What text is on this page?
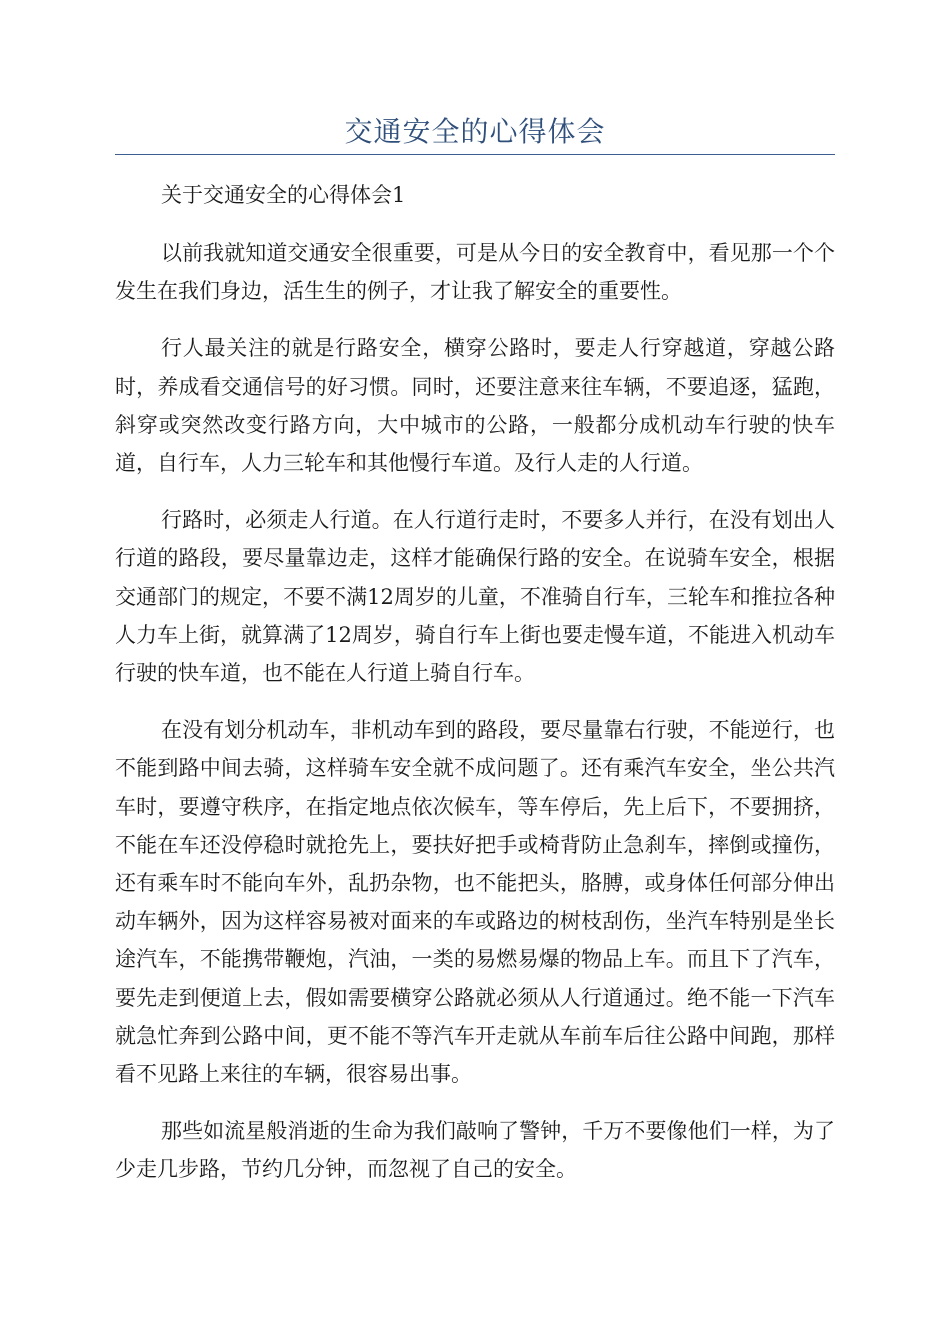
交通安全的心得体会

关于交通安全的心得体会1

以前我就知道交通安全很重要，可是从今日的安全教育中，看见那一个个发生在我们身边，活生生的例子，才让我了解安全的重要性。

行人最关注的就是行路安全，横穿公路时，要走人行穿越道，穿越公路时，养成看交通信号的好习惯。同时，还要注意来往车辆，不要追逐，猛跑，斜穿或突然改变行路方向，大中城市的公路，一般都分成机动车行驶的快车道，自行车，人力三轮车和其他慢行车道。及行人走的人行道。

行路时，必须走人行道。在人行道行走时，不要多人并行，在没有划出人行道的路段，要尽量靠边走，这样才能确保行路的安全。在说骑车安全，根据交通部门的规定，不要不满12周岁的儿童，不准骑自行车，三轮车和推拉各种人力车上街，就算满了12周岁，骑自行车上街也要走慢车道，不能进入机动车行驶的快车道，也不能在人行道上骑自行车。

在没有划分机动车，非机动车到的路段，要尽量靠右行驶，不能逆行，也不能到路中间去骑，这样骑车安全就不成问题了。还有乘汽车安全，坐公共汽车时，要遵守秩序，在指定地点依次候车，等车停后，先上后下，不要拥挤，不能在车还没停稳时就抢先上，要扶好把手或椅背防止急刹车，摔倒或撞伤，还有乘车时不能向车外，乱扔杂物，也不能把头，胳膊，或身体任何部分伸出动车辆外，因为这样容易被对面来的车或路边的树枝刮伤，坐汽车特别是坐长途汽车，不能携带鞭炮，汽油，一类的易燃易爆的物品上车。而且下了汽车，要先走到便道上去，假如需要横穿公路就必须从人行道通过。绝不能一下汽车就急忙奔到公路中间，更不能不等汽车开走就从车前车后往公路中间跑，那样看不见路上来往的车辆，很容易出事。

那些如流星般消逝的生命为我们敲响了警钟，千万不要像他们一样，为了少走几步路，节约几分钟，而忽视了自己的安全。
